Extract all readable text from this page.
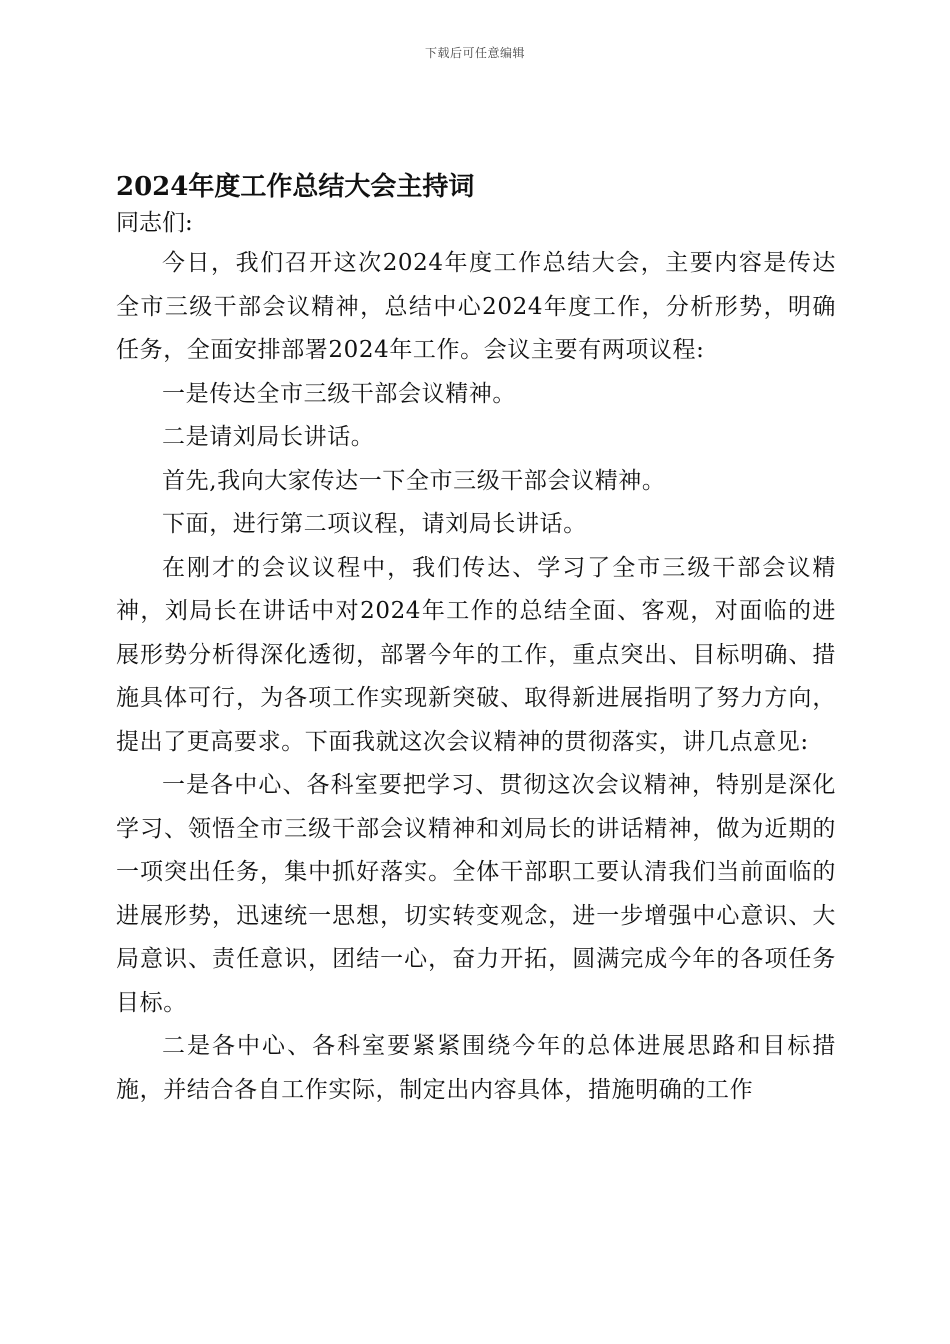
下载后可任意编辑
2024年度工作总结大会主持词

同志们:

今日，我们召开这次2024年度工作总结大会，主要内容是传达全市三级干部会议精神，总结中心2024年度工作，分析形势，明确任务，全面安排部署2024年工作。会议主要有两项议程:

一是传达全市三级干部会议精神。

二是请刘局长讲话。

首先,我向大家传达一下全市三级干部会议精神。

下面，进行第二项议程，请刘局长讲话。

在刚才的会议议程中，我们传达、学习了全市三级干部会议精神，刘局长在讲话中对2024年工作的总结全面、客观，对面临的进展形势分析得深化透彻，部署今年的工作，重点突出、目标明确、措施具体可行，为各项工作实现新突破、取得新进展指明了努力方向，提出了更高要求。下面我就这次会议精神的贯彻落实，讲几点意见:

一是各中心、各科室要把学习、贯彻这次会议精神，特别是深化学习、领悟全市三级干部会议精神和刘局长的讲话精神，做为近期的一项突出任务，集中抓好落实。全体干部职工要认清我们当前面临的进展形势，迅速统一思想，切实转变观念，进一步增强中心意识、大局意识、责任意识，团结一心，奋力开拓，圆满完成今年的各项任务目标。

二是各中心、各科室要紧紧围绕今年的总体进展思路和目标措施，并结合各自工作实际，制定出内容具体，措施明确的工作
